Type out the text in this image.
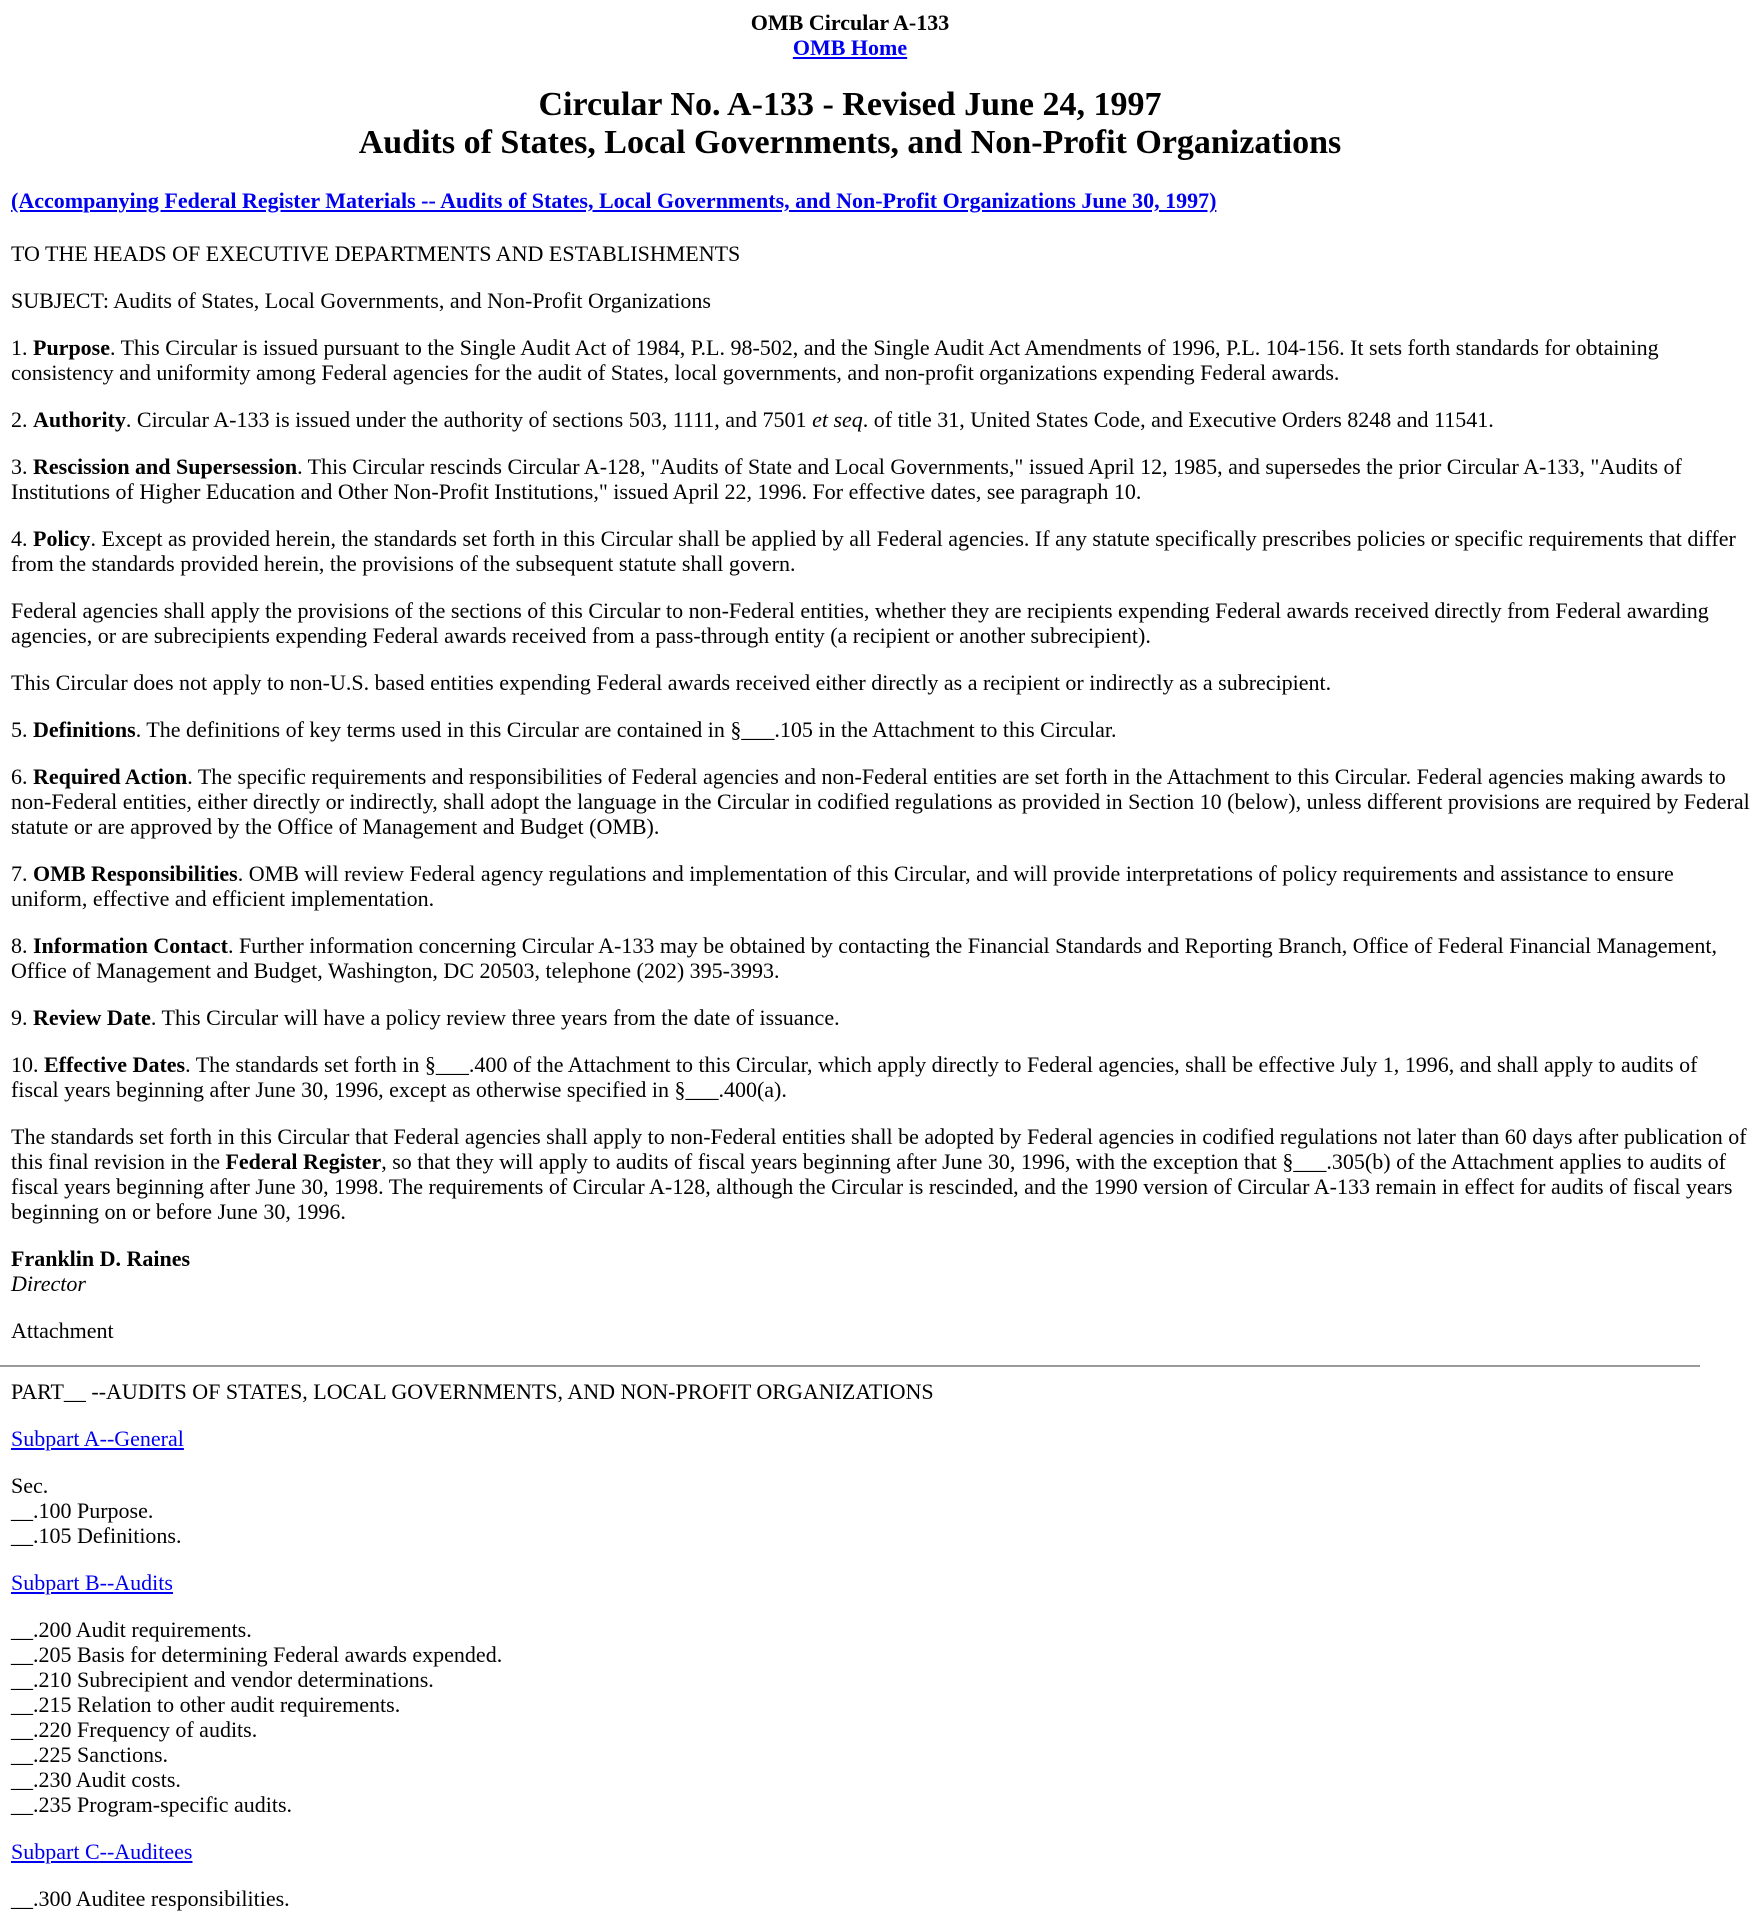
OMB Circular A-133
OMB Home
Circular No. A-133 - Revised June 24, 1997
Audits of States, Local Governments, and Non-Profit Organizations
(Accompanying Federal Register Materials -- Audits of States, Local Governments, and Non-Profit Organizations June 30, 1997)

TO THE HEADS OF EXECUTIVE DEPARTMENTS AND ESTABLISHMENTS

SUBJECT: Audits of States, Local Governments, and Non-Profit Organizations

1. Purpose. This Circular is issued pursuant to the Single Audit Act of 1984, P.L. 98-502, and the Single Audit Act Amendments of 1996, P.L. 104-156. It sets forth standards for obtaining
consistency and uniformity among Federal agencies for the audit of States, local governments, and non-profit organizations expending Federal awards.

2. Authority. Circular A-133 is issued under the authority of sections 503, 1111, and 7501 et seq. of title 31, United States Code, and Executive Orders 8248 and 11541.

3. Rescission and Supersession. This Circular rescinds Circular A-128, "Audits of State and Local Governments," issued April 12, 1985, and supersedes the prior Circular A-133, "Audits of
Institutions of Higher Education and Other Non-Profit Institutions," issued April 22, 1996. For effective dates, see paragraph 10.

4. Policy. Except as provided herein, the standards set forth in this Circular shall be applied by all Federal agencies. If any statute specifically prescribes policies or specific requirements that differ
from the standards provided herein, the provisions of the subsequent statute shall govern.

Federal agencies shall apply the provisions of the sections of this Circular to non-Federal entities, whether they are recipients expending Federal awards received directly from Federal awarding
agencies, or are subrecipients expending Federal awards received from a pass-through entity (a recipient or another subrecipient).

This Circular does not apply to non-U.S. based entities expending Federal awards received either directly as a recipient or indirectly as a subrecipient.

5. Definitions. The definitions of key terms used in this Circular are contained in §___.105 in the Attachment to this Circular.

6. Required Action. The specific requirements and responsibilities of Federal agencies and non-Federal entities are set forth in the Attachment to this Circular. Federal agencies making awards to
non-Federal entities, either directly or indirectly, shall adopt the language in the Circular in codified regulations as provided in Section 10 (below), unless different provisions are required by Federal
statute or are approved by the Office of Management and Budget (OMB).

7. OMB Responsibilities. OMB will review Federal agency regulations and implementation of this Circular, and will provide interpretations of policy requirements and assistance to ensure
uniform, effective and efficient implementation.

8. Information Contact. Further information concerning Circular A-133 may be obtained by contacting the Financial Standards and Reporting Branch, Office of Federal Financial Management,
Office of Management and Budget, Washington, DC 20503, telephone (202) 395-3993.

9. Review Date. This Circular will have a policy review three years from the date of issuance.

10. Effective Dates. The standards set forth in §___.400 of the Attachment to this Circular, which apply directly to Federal agencies, shall be effective July 1, 1996, and shall apply to audits of
fiscal years beginning after June 30, 1996, except as otherwise specified in §___.400(a).

The standards set forth in this Circular that Federal agencies shall apply to non-Federal entities shall be adopted by Federal agencies in codified regulations not later than 60 days after publication of
this final revision in the Federal Register, so that they will apply to audits of fiscal years beginning after June 30, 1996, with the exception that §___.305(b) of the Attachment applies to audits of
fiscal years beginning after June 30, 1998. The requirements of Circular A-128, although the Circular is rescinded, and the 1990 version of Circular A-133 remain in effect for audits of fiscal years
beginning on or before June 30, 1996.

Franklin D. Raines
Director

Attachment

PART__ --AUDITS OF STATES, LOCAL GOVERNMENTS, AND NON-PROFIT ORGANIZATIONS

Subpart A--General

Sec.
__.100 Purpose.
__.105 Definitions.

Subpart B--Audits

__.200 Audit requirements.
__.205 Basis for determining Federal awards expended.
__.210 Subrecipient and vendor determinations.
__.215 Relation to other audit requirements.
__.220 Frequency of audits.
__.225 Sanctions.
__.230 Audit costs.
__.235 Program-specific audits.

Subpart C--Auditees

__.300 Auditee responsibilities.
